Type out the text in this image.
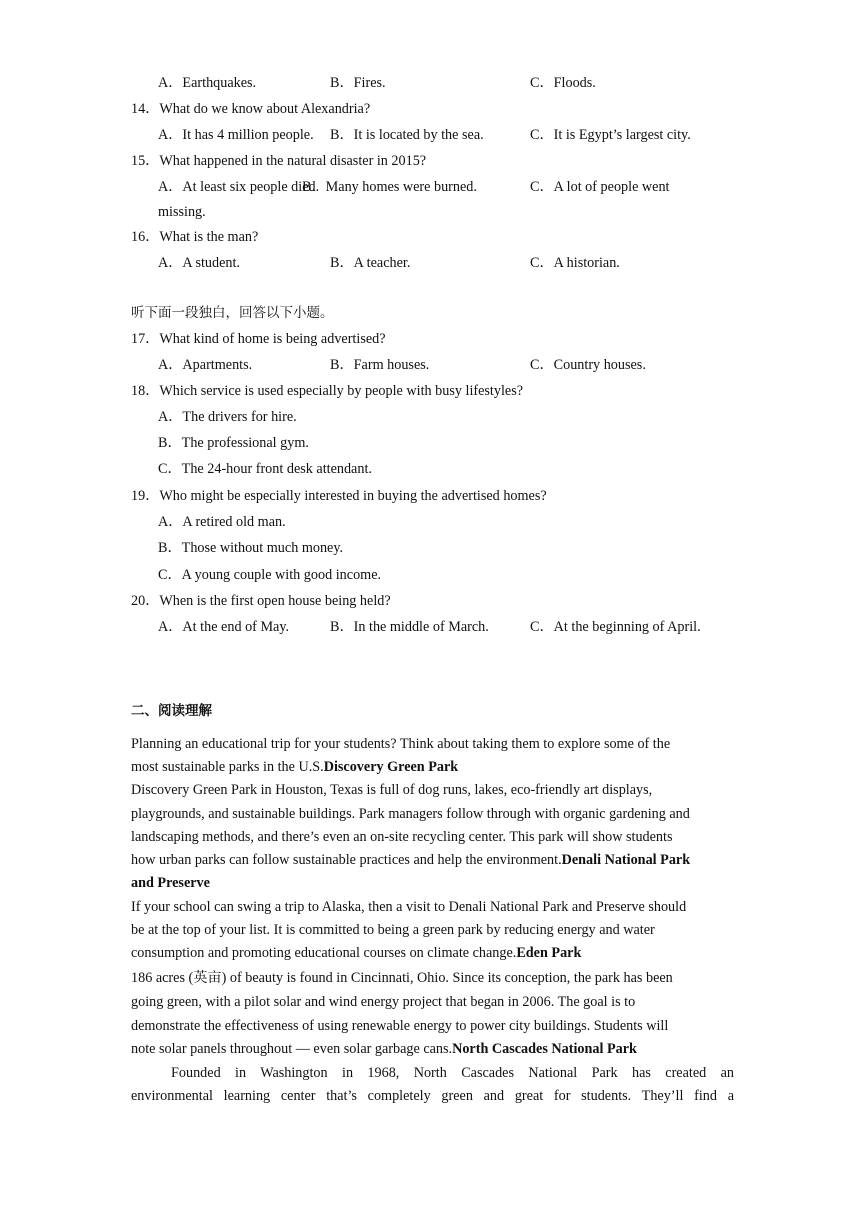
A．Earthquakes.	B．Fires.	C．Floods.
14．What do we know about Alexandria?
A．It has 4 million people. B．It is located by the sea.	C．It is Egypt’s largest city.
15．What happened in the natural disaster in 2015?
A．At least six people died.
B．Many homes were burned.	C．A lot of people went
missing.
16．What is the man?
A．A student.	B．A teacher.	C．A historian.
听下面一段独白，回答以下小题。
17．What kind of home is being advertised?
A．Apartments.	B．Farm houses.	C．Country houses.
18．Which service is used especially by people with busy lifestyles?
A．The drivers for hire.
B．The professional gym.
C．The 24-hour front desk attendant.
19．Who might be especially interested in buying the advertised homes?
A．A retired old man.
B．Those without much money.
C．A young couple with good income.
20．When is the first open house being held?
A．At the end of May.	B．In the middle of March.	C．At the beginning of April.
二、阅读理解
Planning an educational trip for your students? Think about taking them to explore some of the
most sustainable parks in the U.S.Discovery Green Park
Discovery Green Park in Houston, Texas is full of dog runs, lakes, eco-friendly art displays,
playgrounds, and sustainable buildings. Park managers follow through with organic gardening and
landscaping methods, and there’s even an on-site recycling center. This park will show students
how urban parks can follow sustainable practices and help the environment.Denali National Park
and Preserve
If your school can swing a trip to Alaska, then a visit to Denali National Park and Preserve should
be at the top of your list. It is committed to being a green park by reducing energy and water
consumption and promoting educational courses on climate change.Eden Park
186 acres (英亩) of beauty is found in Cincinnati, Ohio. Since its conception, the park has been
going green, with a pilot solar and wind energy project that began in 2006. The goal is to
demonstrate the effectiveness of using renewable energy to power city buildings. Students will
note solar panels throughout — even solar garbage cans.North Cascades National Park
Founded in Washington in 1968, North Cascades National Park has created an
environmental learning center that’s completely green and great for students. They’ll find a
